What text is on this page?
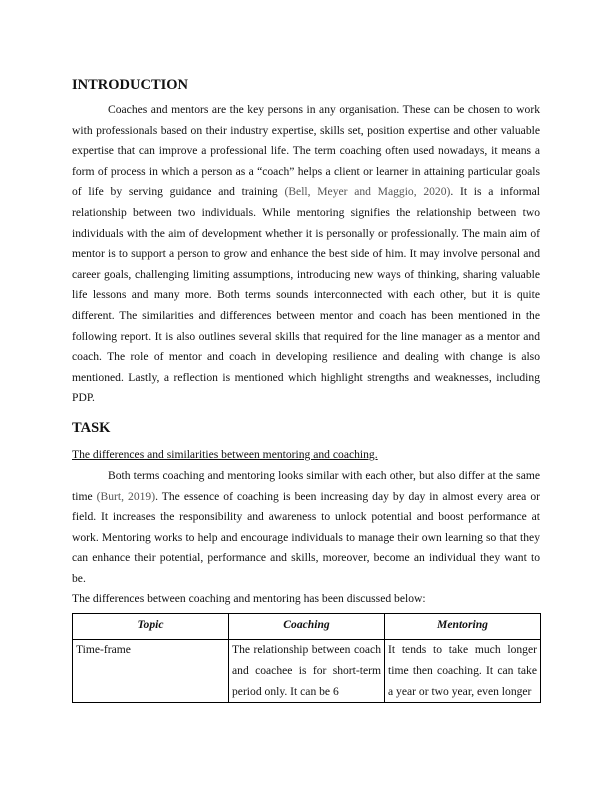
INTRODUCTION

Coaches and mentors are the key persons in any organisation. These can be chosen to work with professionals based on their industry expertise, skills set, position expertise and other valuable expertise that can improve a professional life. The term coaching often used nowadays, it means a form of process in which a person as a “coach” helps a client or learner in attaining particular goals of life by serving guidance and training (Bell, Meyer and Maggio, 2020). It is a informal relationship between two individuals. While mentoring signifies the relationship between two individuals with the aim of development whether it is personally or professionally. The main aim of mentor is to support a person to grow and enhance the best side of him. It may involve personal and career goals, challenging limiting assumptions, introducing new ways of thinking, sharing valuable life lessons and many more. Both terms sounds interconnected with each other, but it is quite different. The similarities and differences between mentor and coach has been mentioned in the following report. It is also outlines several skills that required for the line manager as a mentor and coach. The role of mentor and coach in developing resilience and dealing with change is also mentioned. Lastly, a reflection is mentioned which highlight strengths and weaknesses, including PDP.

TASK
The differences and similarities between mentoring and coaching.

Both terms coaching and mentoring looks similar with each other, but also differ at the same time (Burt, 2019). The essence of coaching is been increasing day by day in almost every area or field. It increases the responsibility and awareness to unlock potential and boost performance at work. Mentoring works to help and encourage individuals to manage their own learning so that they can enhance their potential, performance and skills, moreover, become an individual they want to be.

The differences between coaching and mentoring has been discussed below:
Topic	Coaching	Mentoring
Time-frame	The relationship between coach and coachee is for short-term period only. It can be 6	It tends to take much longer time then coaching. It can take a year or two year, even longer
